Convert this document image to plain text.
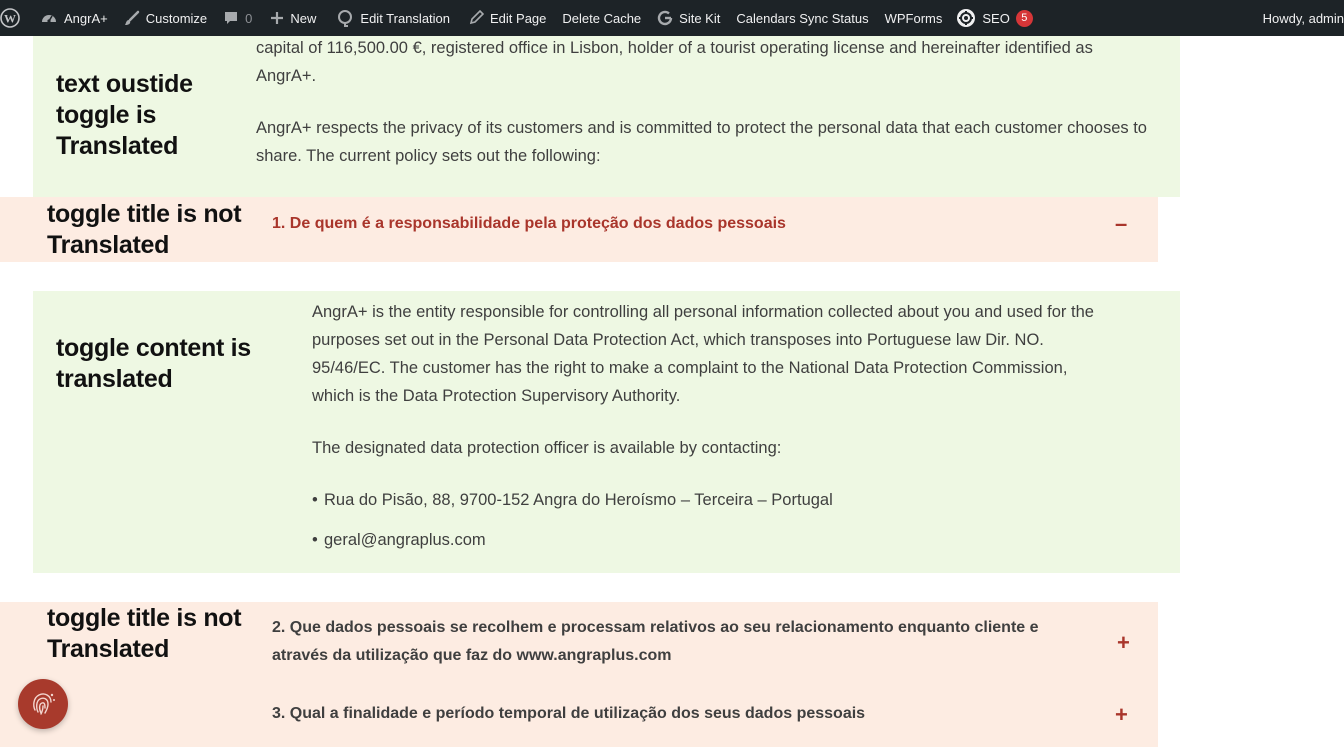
W	AngrA+	Customize	0	New	Edit Translation	Edit Page Delete Cache	Site Kit Calendars Sync Status WPForms	SEO	5	Howdy, admin
text oustide toggle is Translated

capital of 116,500.00 €, registered office in Lisbon, holder of a tourist operating license and hereinafter identified as AngrA+.

AngrA+ respects the privacy of its customers and is committed to protect the personal data that each customer chooses to share. The current policy sets out the following:

toggle title is not Translated
1. De quem é a responsabilidade pela proteção dos dados pessoais	–
toggle content is translated

AngrA+ is the entity responsible for controlling all personal information collected about you and used for the purposes set out in the Personal Data Protection Act, which transposes into Portuguese law Dir. NO. 95/46/EC. The customer has the right to make a complaint to the National Data Protection Commission, which is the Data Protection Supervisory Authority.

The designated data protection officer is available by contacting:

• Rua do Pisão, 88, 9700-152 Angra do Heroísmo – Terceira – Portugal
• geral@angraplus.com
toggle title is not Translated
2. Que dados pessoais se recolhem e processam relativos ao seu relacionamento enquanto cliente e através da utilização que faz do www.angraplus.com
+
3. Qual a finalidade e período temporal de utilização dos seus dados pessoais	+
